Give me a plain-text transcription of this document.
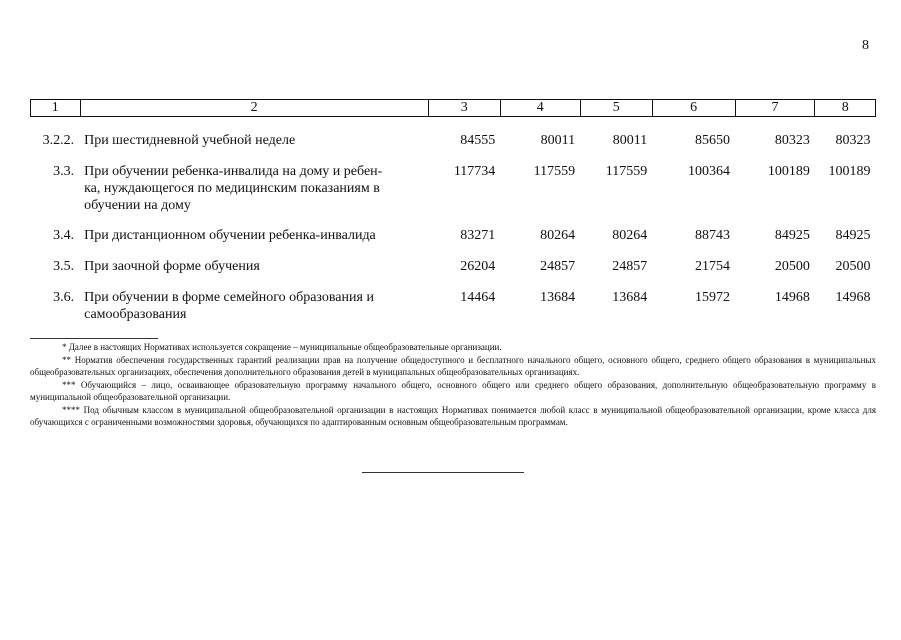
8
1	2	3	4	5	6	7	8
3.2.2.	При шестидневной учебной неделе	84555	80011	80011	85650	80323	80323
3.3.	При обучении ребенка-инвалида на дому и ребен-
ка, нуждающегося по медицинским показаниям в
обучении на дому	117734	117559	117559	100364	100189	100189
3.4.	При дистанционном обучении ребенка-инвалида	83271	80264	80264	88743	84925	84925
3.5.	При заочной форме обучения	26204	24857	24857	21754	20500	20500
3.6.	При обучении в форме семейного образования и
самообразования	14464	13684	13684	15972	14968	14968

* Далее в настоящих Нормативах используется сокращение – муниципальные общеобразовательные организации.

** Норматив обеспечения государственных гарантий реализации прав на получение общедоступного и бесплатного начального общего, основного общего, среднего общего образования в муниципальных общеобразовательных организациях, обеспечения дополнительного образования детей в муниципальных общеобразовательных организациях.

*** Обучающийся – лицо, осваивающее образовательную программу начального общего, основного общего или среднего общего образования, дополнительную общеобразовательную программу в муниципальной общеобразовательной организации.

**** Под обычным классом в муниципальной общеобразовательной организации в настоящих Нормативах понимается любой класс в муниципальной общеобразовательной организации, кроме класса для обучающихся с ограниченными возможностями здоровья, обучающихся по адаптированным основным общеобразовательным программам.
